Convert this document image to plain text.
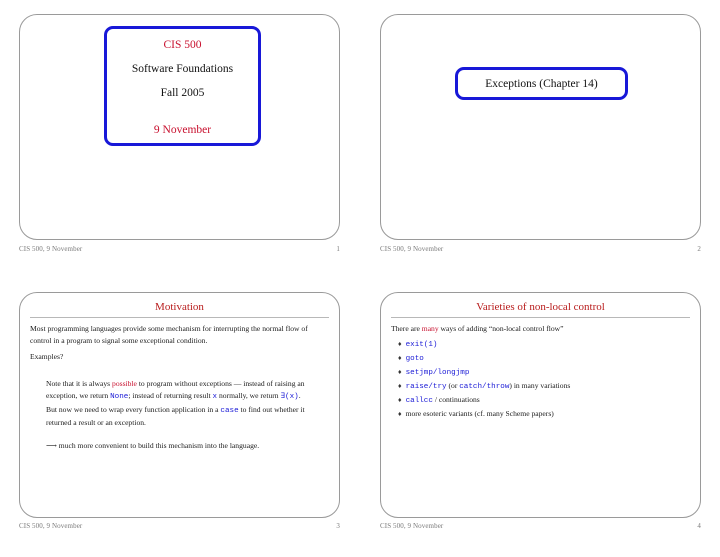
CIS 500
Software Foundations
Fall 2005
9 November
CIS 500, 9 November	1
Exceptions (Chapter 14)
CIS 500, 9 November	2
Motivation
Most programming languages provide some mechanism for interrupting the normal flow of control in a program to signal some exceptional condition.
Examples?
Note that it is always possible to program without exceptions — instead of raising an exception, we return None; instead of returning result x normally, we return ∃(x). But now we need to wrap every function application in a case to find out whether it returned a result or an exception.
⟶ much more convenient to build this mechanism into the language.
CIS 500, 9 November	3
Varieties of non-local control
There are many ways of adding “non-local control flow”
♦ exit(1)
♦ goto
♦ setjmp/longjmp
♦ raise/try (or catch/throw) in many variations
♦ callcc / continuations
♦ more esoteric variants (cf. many Scheme papers)
CIS 500, 9 November	4
